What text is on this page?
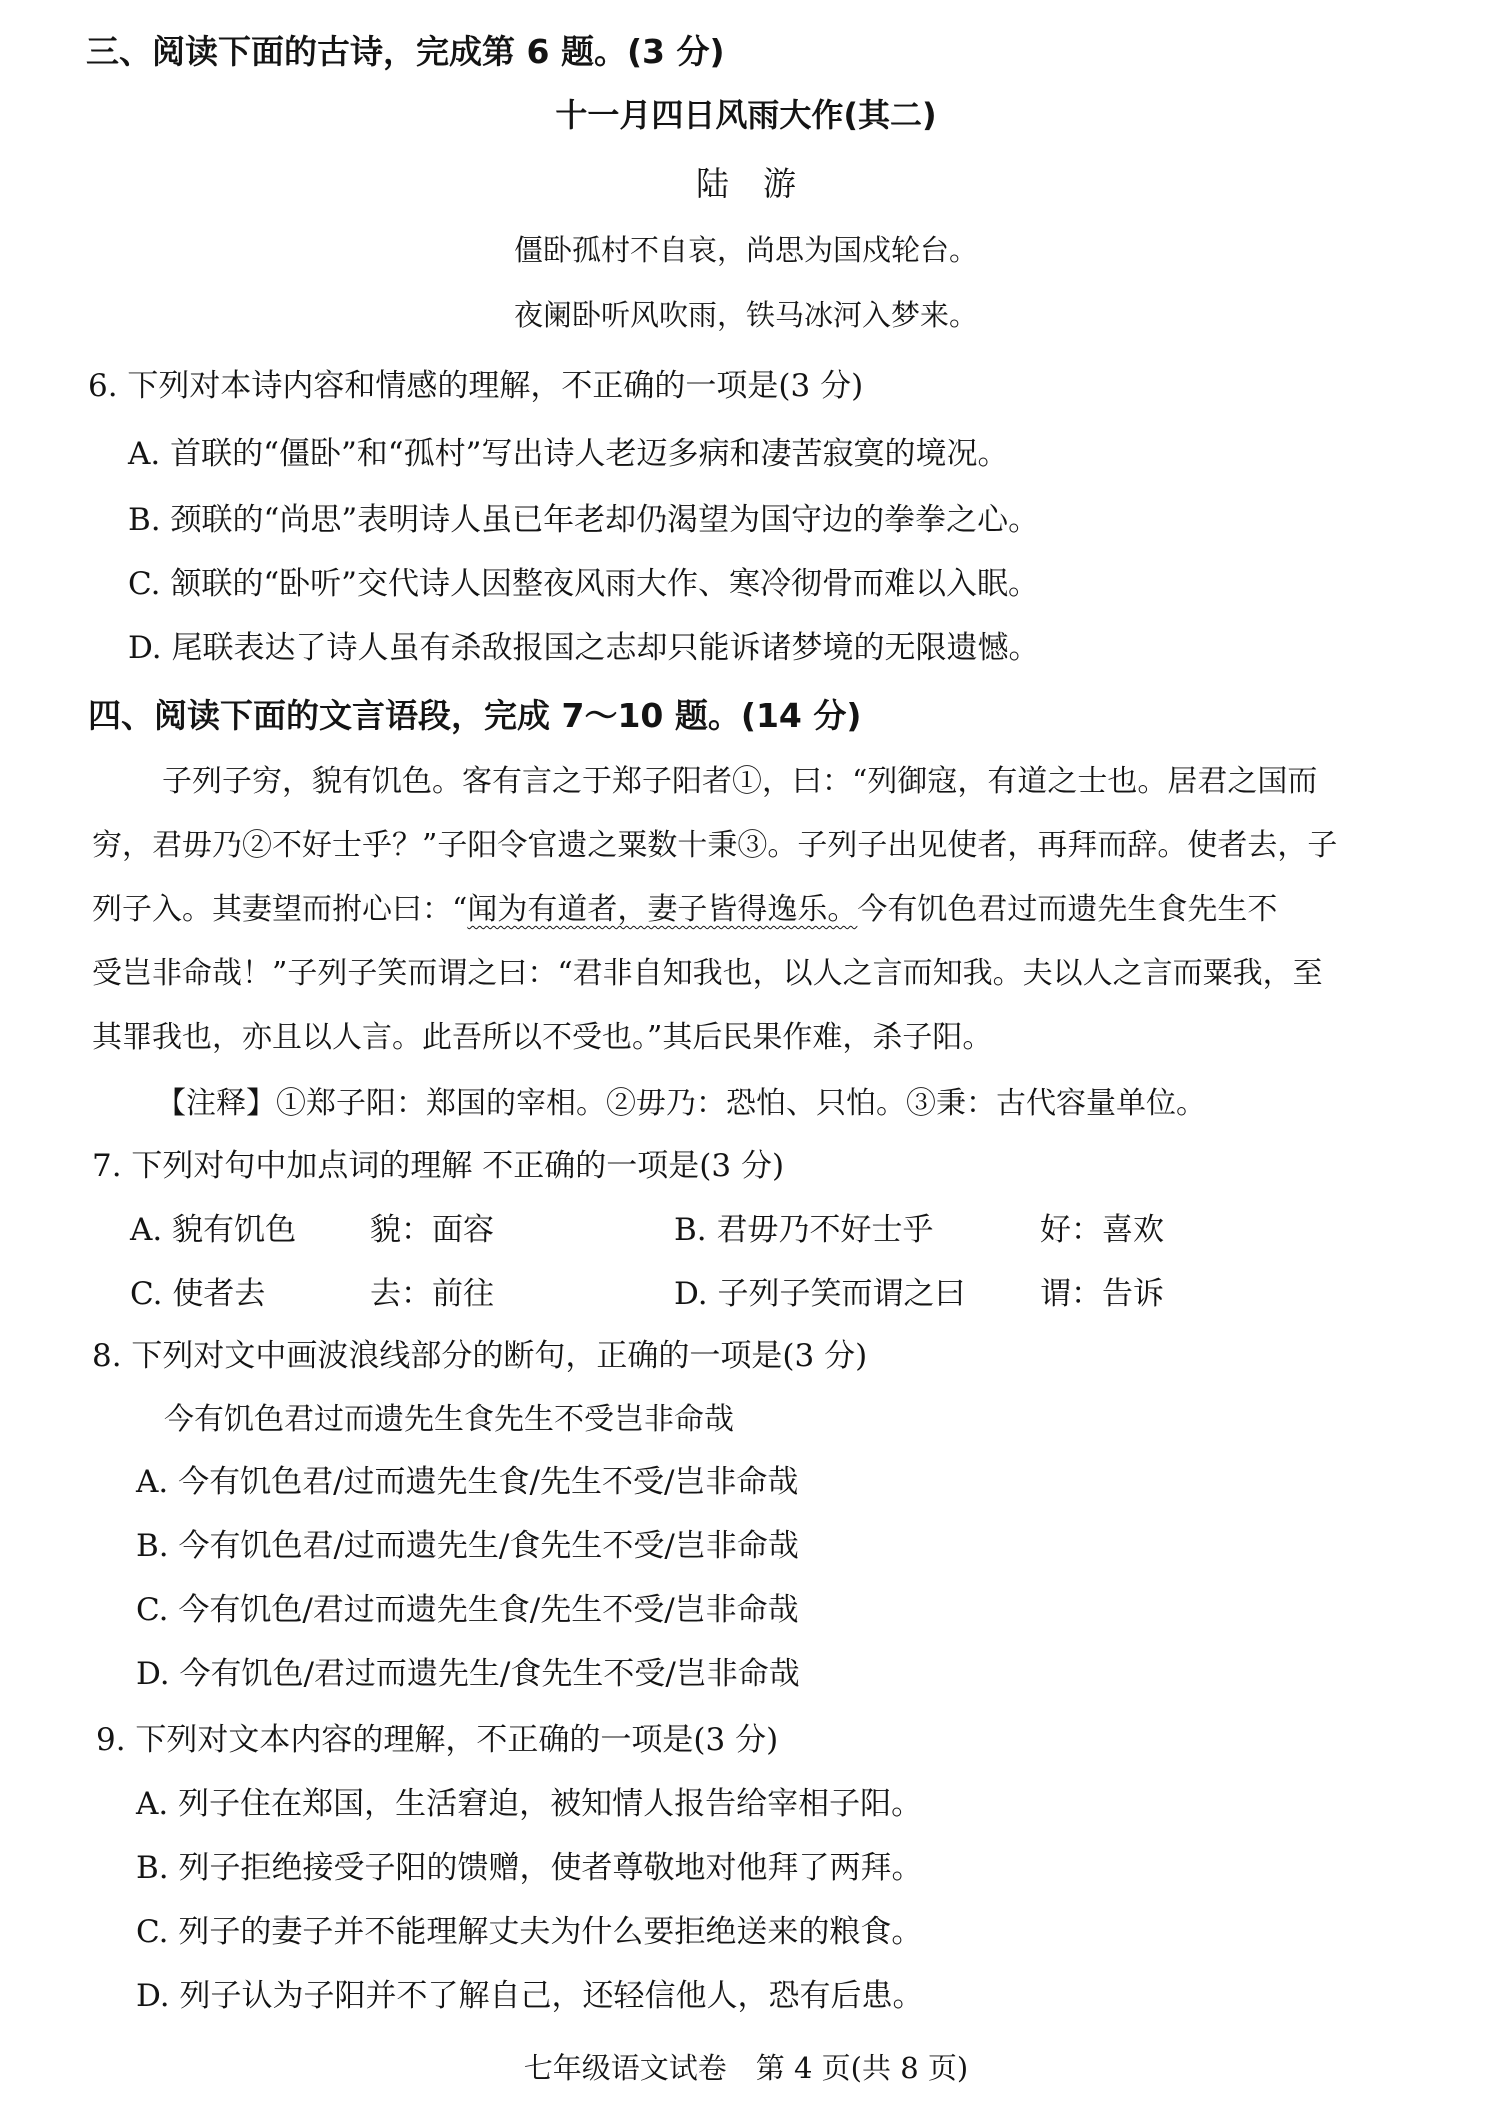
三、阅读下面的古诗，完成第 6 题。(3 分)
十一月四日风雨大作(其二)
陆游
僵卧孤村不自哀，尚思为国戍轮台。
夜阑卧听风吹雨，铁马冰河入梦来。
6. 下列对本诗内容和情感的理解，不正确的一项是(3 分)
A. 首联的“僵卧”和“孤村”写出诗人老迈多病和凄苦寂寞的境况。
B. 颈联的“尚思”表明诗人虽已年老却仍渴望为国守边的拳拳之心。
C. 颔联的“卧听”交代诗人因整夜风雨大作、寒冷彻骨而难以入眠。
D. 尾联表达了诗人虽有杀敌报国之志却只能诉诸梦境的无限遗憾。
四、阅读下面的文言语段，完成 7～10 题。(14 分)
子列子穷，貌有饥色。客有言之于郑子阳者①，曰：“列御寇，有道之士也。居君之国而
穷，君毋乃②不好士乎？”子阳令官遗之粟数十秉③。子列子出见使者，再拜而辞。使者去，子
列子入。其妻望而拊心曰：“闻为有道者，妻子皆得逸乐。今有饥色君过而遗先生食先生不
受岂非命哉！”子列子笑而谓之曰：“君非自知我也，以人之言而知我。夫以人之言而粟我，至
其罪我也，亦且以人言。此吾所以不受也。”其后民果作难，杀子阳。
【注释】①郑子阳：郑国的宰相。②毋乃：恐怕、只怕。③秉：古代容量单位。
7. 下列对句中加点词的理解 不正确的一项是(3 分)
A. 貌有饥色 貌：面容	B. 君毋乃不好士乎	好：喜欢
C. 使者去	去：前往	D. 子列子笑而谓之曰 谓：告诉
8. 下列对文中画波浪线部分的断句，正确的一项是(3 分)
今有饥色君过而遗先生食先生不受岂非命哉
A. 今有饥色君/过而遗先生食/先生不受/岂非命哉
B. 今有饥色君/过而遗先生/食先生不受/岂非命哉
C. 今有饥色/君过而遗先生食/先生不受/岂非命哉
D. 今有饥色/君过而遗先生/食先生不受/岂非命哉
9. 下列对文本内容的理解，不正确的一项是(3 分)
A. 列子住在郑国，生活窘迫，被知情人报告给宰相子阳。
B. 列子拒绝接受子阳的馈赠，使者尊敬地对他拜了两拜。
C. 列子的妻子并不能理解丈夫为什么要拒绝送来的粮食。
D. 列子认为子阳并不了解自己，还轻信他人，恐有后患。
七年级语文试卷　第 4 页(共 8 页)
